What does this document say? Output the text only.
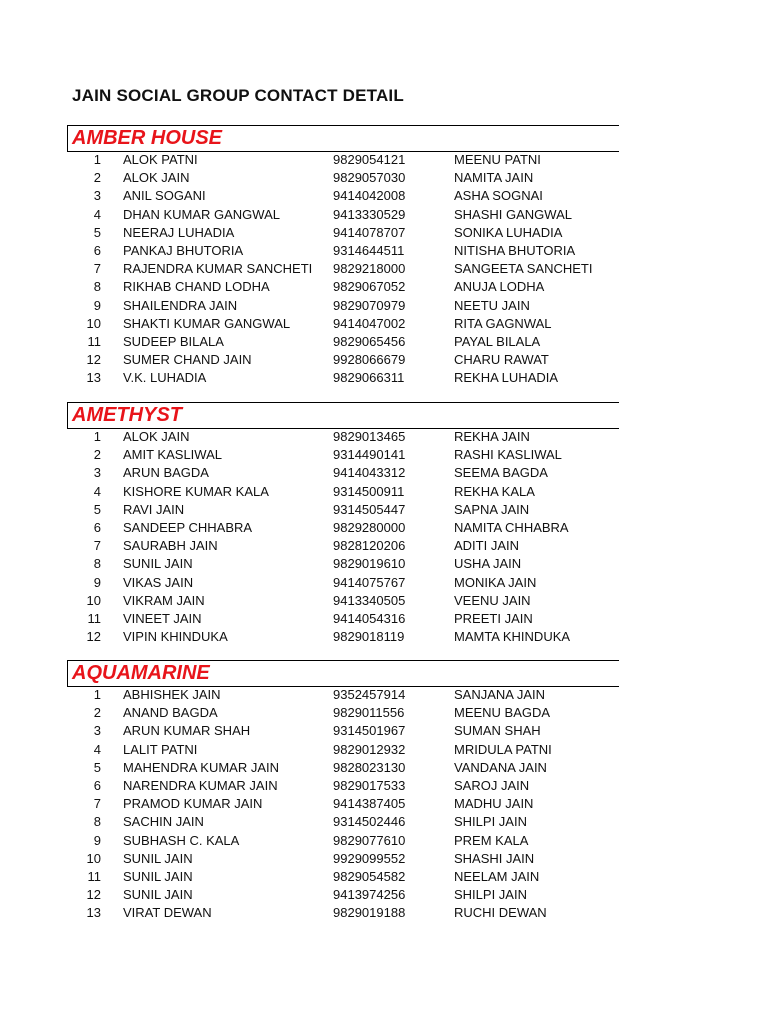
JAIN SOCIAL GROUP CONTACT DETAIL
AMBER HOUSE
1 ALOK PATNI	9829054121	MEENU PATNI
2 ALOK JAIN	9829057030	NAMITA JAIN
3 ANIL SOGANI	9414042008	ASHA SOGNAI
4 DHAN KUMAR GANGWAL	9413330529	SHASHI GANGWAL
5 NEERAJ LUHADIA	9414078707	SONIKA LUHADIA
6 PANKAJ BHUTORIA	9314644511	NITISHA BHUTORIA
7 RAJENDRA KUMAR SANCHETI 9829218000	SANGEETA SANCHETI
8 RIKHAB CHAND LODHA	9829067052	ANUJA LODHA
9 SHAILENDRA JAIN	9829070979	NEETU JAIN
10 SHAKTI KUMAR GANGWAL	9414047002	RITA GAGNWAL
11 SUDEEP BILALA	9829065456	PAYAL BILALA
12 SUMER CHAND JAIN	9928066679	CHARU RAWAT
13 V.K. LUHADIA	9829066311	REKHA LUHADIA
AMETHYST
1 ALOK JAIN	9829013465	REKHA JAIN
2 AMIT KASLIWAL	9314490141	RASHI KASLIWAL
3 ARUN BAGDA	9414043312	SEEMA BAGDA
4 KISHORE KUMAR KALA	9314500911	REKHA KALA
5 RAVI JAIN	9314505447	SAPNA JAIN
6 SANDEEP CHHABRA	9829280000	NAMITA CHHABRA
7 SAURABH JAIN	9828120206	ADITI JAIN
8 SUNIL JAIN	9829019610	USHA JAIN
9 VIKAS JAIN	9414075767	MONIKA JAIN
10 VIKRAM JAIN	9413340505	VEENU JAIN
11 VINEET JAIN	9414054316	PREETI JAIN
12 VIPIN KHINDUKA	9829018119	MAMTA KHINDUKA
AQUAMARINE
1 ABHISHEK JAIN	9352457914	SANJANA JAIN
2 ANAND BAGDA	9829011556	MEENU BAGDA
3 ARUN KUMAR SHAH	9314501967	SUMAN SHAH
4 LALIT PATNI	9829012932	MRIDULA PATNI
5 MAHENDRA KUMAR JAIN	9828023130	VANDANA JAIN
6 NARENDRA KUMAR JAIN	9829017533	SAROJ JAIN
7 PRAMOD KUMAR JAIN	9414387405	MADHU JAIN
8 SACHIN JAIN	9314502446	SHILPI JAIN
9 SUBHASH C. KALA	9829077610	PREM KALA
10 SUNIL JAIN	9929099552	SHASHI JAIN
11 SUNIL JAIN	9829054582	NEELAM JAIN
12 SUNIL JAIN	9413974256	SHILPI JAIN
13 VIRAT DEWAN	9829019188	RUCHI DEWAN
